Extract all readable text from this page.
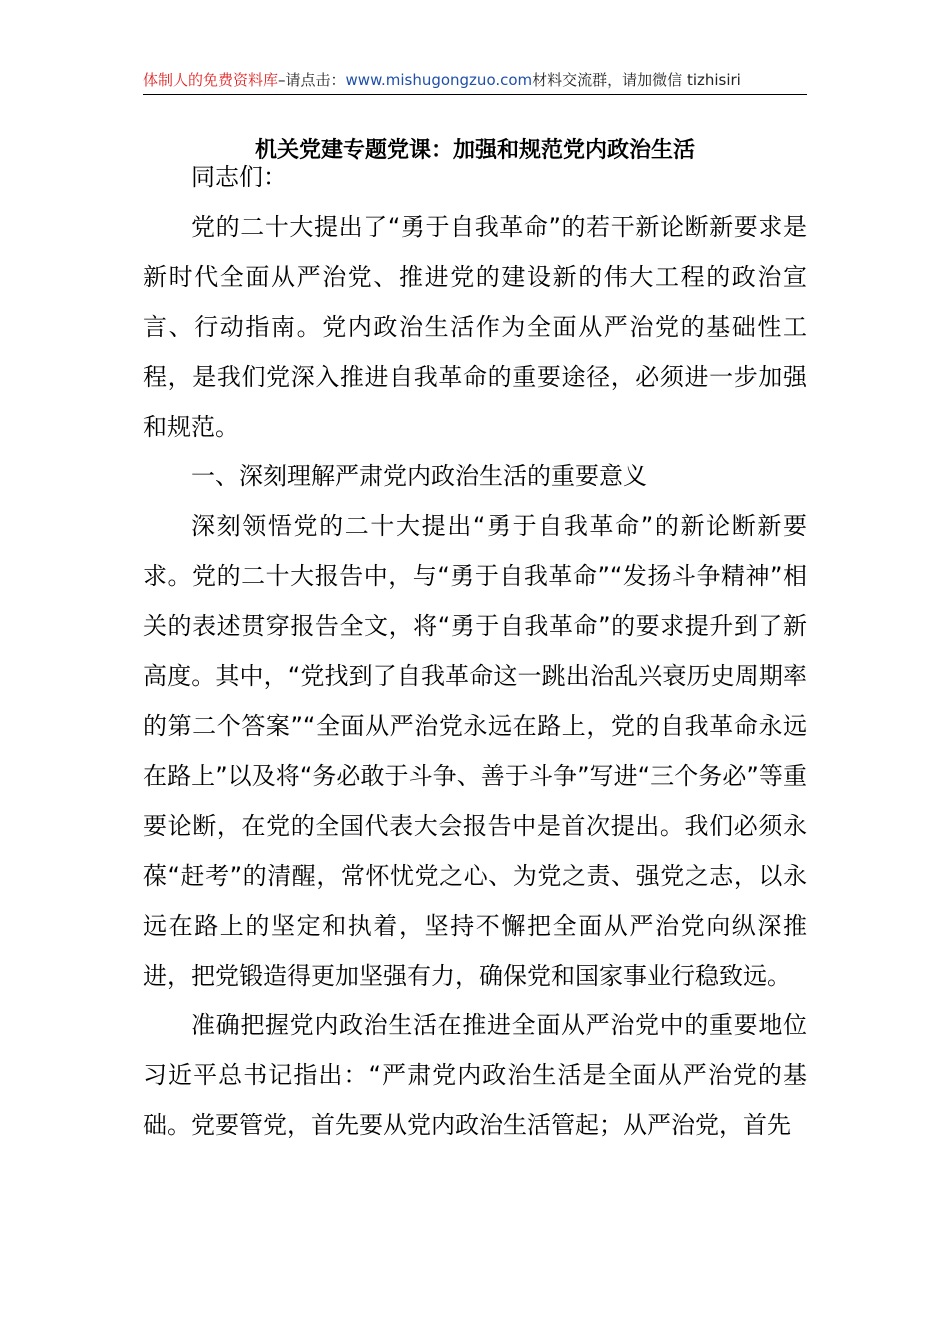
体制人的免费资料库–请点击：www.mishugongzuo.com材料交流群，请加微信 tizhisiri
机关党建专题党课：加强和规范党内政治生活

同志们：

党的二十大提出了“勇于自我革命”的若干新论断新要求是新时代全面从严治党、推进党的建设新的伟大工程的政治宣言、行动指南。党内政治生活作为全面从严治党的基础性工程，是我们党深入推进自我革命的重要途径，必须进一步加强和规范。

一、深刻理解严肃党内政治生活的重要意义

深刻领悟党的二十大提出“勇于自我革命”的新论断新要求。党的二十大报告中，与“勇于自我革命”“发扬斗争精神”相关的表述贯穿报告全文，将“勇于自我革命”的要求提升到了新高度。其中，“党找到了自我革命这一跳出治乱兴衰历史周期率的第二个答案”“全面从严治党永远在路上，党的自我革命永远在路上”以及将“务必敢于斗争、善于斗争”写进“三个务必”等重要论断，在党的全国代表大会报告中是首次提出。我们必须永葆“赶考”的清醒，常怀忧党之心、为党之责、强党之志，以永远在路上的坚定和执着，坚持不懈把全面从严治党向纵深推进，把党锻造得更加坚强有力，确保党和国家事业行稳致远。

准确把握党内政治生活在推进全面从严治党中的重要地位习近平总书记指出：“严肃党内政治生活是全面从严治党的基础。党要管党，首先要从党内政治生活管起；从严治党，首先
